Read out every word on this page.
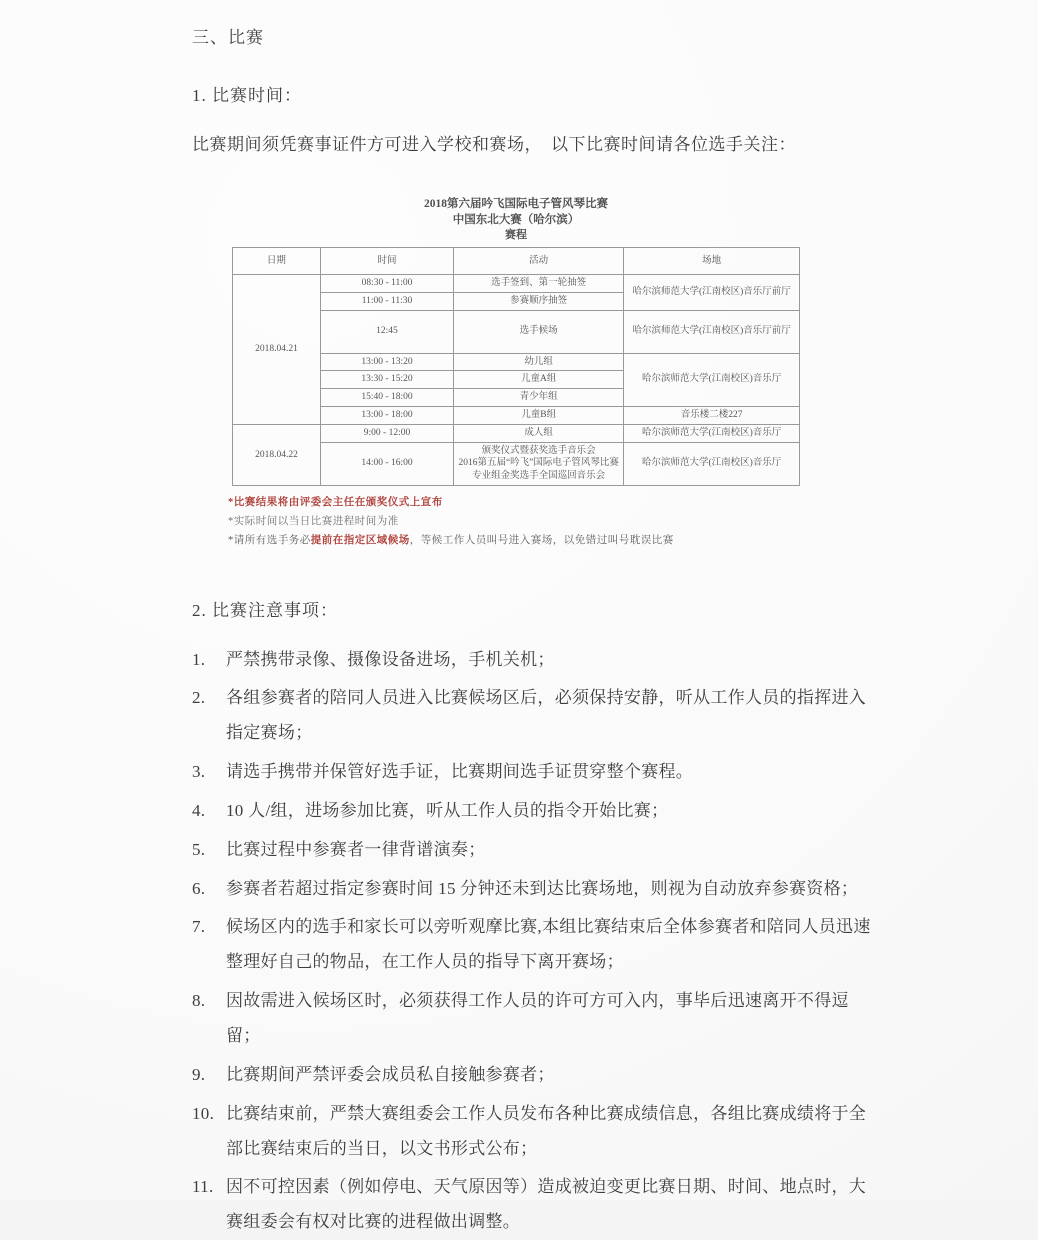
三、比赛
1. 比赛时间：
比赛期间须凭赛事证件方可进入学校和赛场，　以下比赛时间请各位选手关注：
2018第六届吟飞国际电子管风琴比赛
中国东北大赛（哈尔滨）
赛程
日期	时间	活动	场地
2018.04.21	08:30 - 11:00	选手签到、第一轮抽签	哈尔滨师范大学(江南校区)音乐厅前厅
	11:00 - 11:30	参赛顺序抽签	
	12:45	选手候场	哈尔滨师范大学(江南校区)音乐厅前厅
	13:00 - 13:20	幼儿组	哈尔滨师范大学(江南校区)音乐厅
	13:30 - 15:20	儿童A组	
	15:40 - 18:00	青少年组	
	13:00 - 18:00	儿童B组	音乐楼二楼227
2018.04.22	9:00 - 12:00	成人组	哈尔滨师范大学(江南校区)音乐厅
	14:00 - 16:00	颁奖仪式暨获奖选手音乐会
2016第五届“吟飞”国际电子管风琴比赛
专业组金奖选手全国巡回音乐会	哈尔滨师范大学(江南校区)音乐厅
*比赛结果将由评委会主任在颁奖仪式上宣布
*实际时间以当日比赛进程时间为准
*请所有选手务必提前在指定区域候场，等候工作人员叫号进入赛场，以免错过叫号耽误比赛
2. 比赛注意事项：
1.	严禁携带录像、摄像设备进场，手机关机；
2.	各组参赛者的陪同人员进入比赛候场区后，必须保持安静，听从工作人员的指挥进入指定赛场；
3.	请选手携带并保管好选手证，比赛期间选手证贯穿整个赛程。
4.	10 人/组，进场参加比赛，听从工作人员的指令开始比赛；
5.	比赛过程中参赛者一律背谱演奏；
6.	参赛者若超过指定参赛时间 15 分钟还未到达比赛场地，则视为自动放弃参赛资格；
7.	候场区内的选手和家长可以旁听观摩比赛,本组比赛结束后全体参赛者和陪同人员迅速整理好自己的物品，在工作人员的指导下离开赛场；
8.	因故需进入候场区时，必须获得工作人员的许可方可入内，事毕后迅速离开不得逗留；
9.	比赛期间严禁评委会成员私自接触参赛者；
10. 比赛结束前，严禁大赛组委会工作人员发布各种比赛成绩信息，各组比赛成绩将于全部比赛结束后的当日，以文书形式公布；
11. 因不可控因素（例如停电、天气原因等）造成被迫变更比赛日期、时间、地点时，大赛组委会有权对比赛的进程做出调整。
